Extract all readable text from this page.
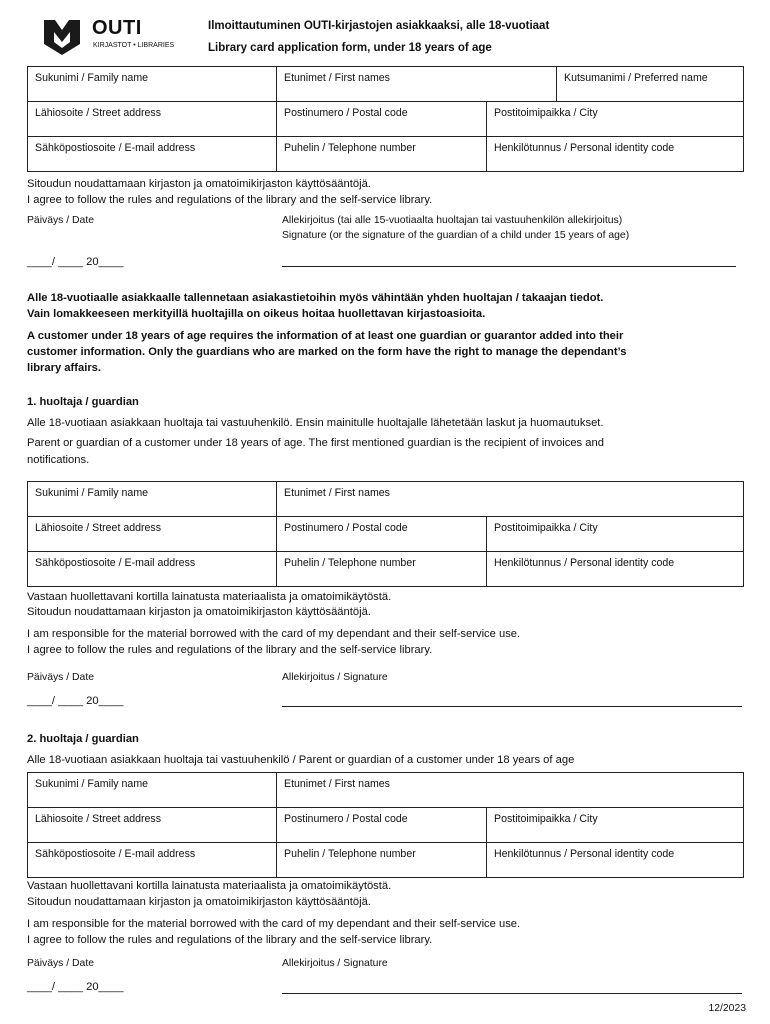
OUTI
KIRJASTOT • LIBRARIES
Ilmoittautuminen OUTI-kirjastojen asiakkaaksi, alle 18-vuotiaat
Library card application form, under 18 years of age
Sukunimi / Family name	Etunimet / First names		Kutsumanimi / Preferred name

Lähiosoite / Street address	Postinumero / Postal code	Postitoimipaikka / City	

Sähköpostiosoite / E-mail address	Puhelin / Telephone number	Henkilötunnus / Personal identity code	
Sitoudun noudattamaan kirjaston ja omatoimikirjaston käyttösääntöjä.
I agree to follow the rules and regulations of the library and the self-service library.
Päiväys / Date	Allekirjoitus (tai alle 15-vuotiaalta huoltajan tai vastuuhenkilön allekirjoitus)
Signature (or the signature of the guardian of a child under 15 years of age)
____/ ____ 20____
Alle 18-vuotiaalle asiakkaalle tallennetaan asiakastietoihin myös vähintään yhden huoltajan / takaajan tiedot.
Vain lomakkeeseen merkityillä huoltajilla on oikeus hoitaa huollettavan kirjastoasioita.
A customer under 18 years of age requires the information of at least one guardian or guarantor added into their
customer information. Only the guardians who are marked on the form have the right to manage the dependant’s
library affairs.
1. huoltaja / guardian
Alle 18-vuotiaan asiakkaan huoltaja tai vastuuhenkilö. Ensin mainitulle huoltajalle lähetetään laskut ja huomautukset.
Parent or guardian of a customer under 18 years of age. The first mentioned guardian is the recipient of invoices and
notifications.
Sukunimi / Family name	Etunimet / First names	

Lähiosoite / Street address	Postinumero / Postal code	Postitoimipaikka / City

Sähköpostiosoite / E-mail address	Puhelin / Telephone number	Henkilötunnus / Personal identity code
Vastaan huollettavani kortilla lainatusta materiaalista ja omatoimikäytöstä.
Sitoudun noudattamaan kirjaston ja omatoimikirjaston käyttösääntöjä.
I am responsible for the material borrowed with the card of my dependant and their self-service use.
I agree to follow the rules and regulations of the library and the self-service library.
Päiväys / Date	Allekirjoitus / Signature
____/ ____ 20____
2. huoltaja / guardian
Alle 18-vuotiaan asiakkaan huoltaja tai vastuuhenkilö / Parent or guardian of a customer under 18 years of age
Sukunimi / Family name	Etunimet / First names	

Lähiosoite / Street address	Postinumero / Postal code	Postitoimipaikka / City

Sähköpostiosoite / E-mail address	Puhelin / Telephone number	Henkilötunnus / Personal identity code
Vastaan huollettavani kortilla lainatusta materiaalista ja omatoimikäytöstä.
Sitoudun noudattamaan kirjaston ja omatoimikirjaston käyttösääntöjä.
I am responsible for the material borrowed with the card of my dependant and their self-service use.
I agree to follow the rules and regulations of the library and the self-service library.
Päiväys / Date	Allekirjoitus / Signature
____/ ____ 20____
12/2023
